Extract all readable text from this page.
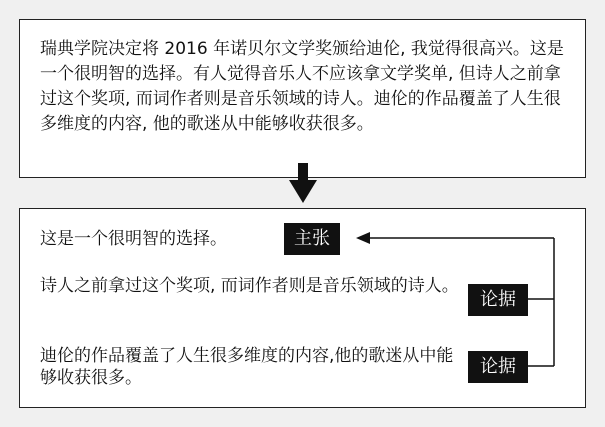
瑞典学院决定将 2016 年诺贝尔文学奖颁给迪伦, 我觉得很高兴。这是一个很明智的选择。有人觉得音乐人不应该拿文学奖单, 但诗人之前拿过这个奖项, 而词作者则是音乐领域的诗人。迪伦的作品覆盖了人生很多维度的内容, 他的歌迷从中能够收获很多。

这是一个很明智的选择。	主张

诗人之前拿过这个奖项, 而词作者则是音乐领域的诗人。

论据

迪伦的作品覆盖了人生很多维度的内容,他的歌迷从中能够收获很多。

论据
